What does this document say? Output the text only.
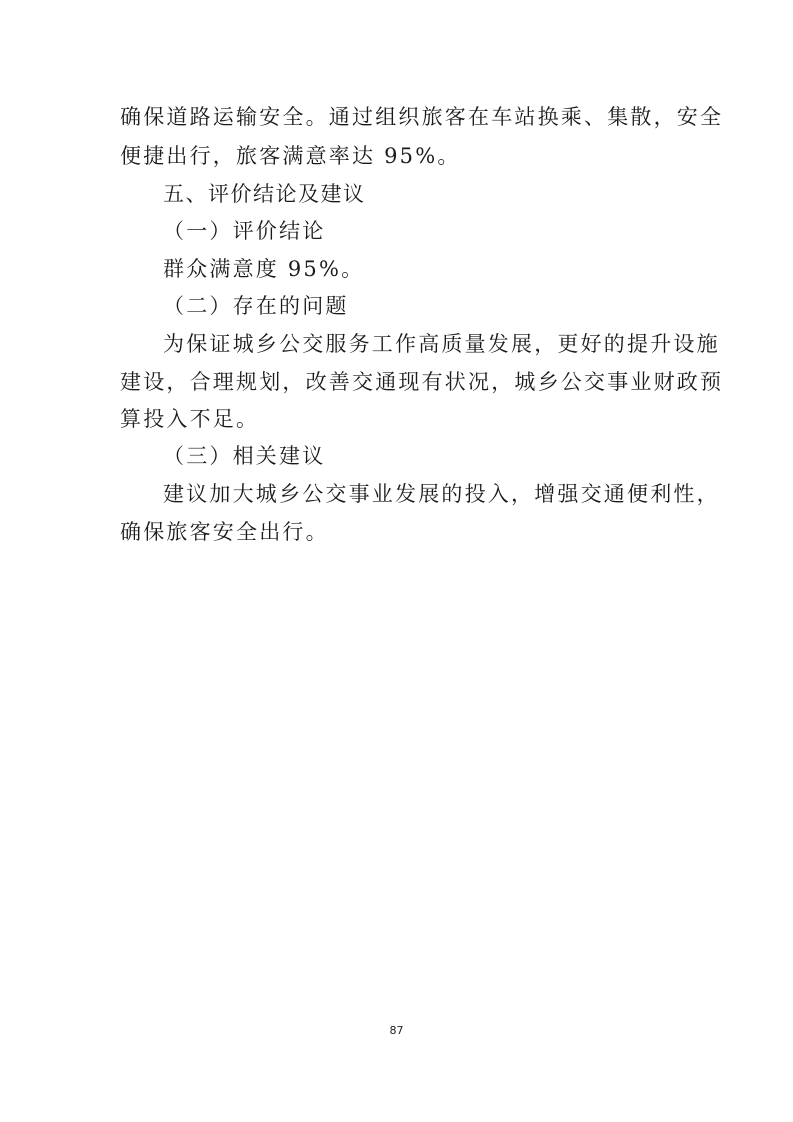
确保道路运输安全。通过组织旅客在车站换乘、集散，安全
便捷出行，旅客满意率达 95%。
五、评价结论及建议
（一）评价结论
群众满意度 95%。
（二）存在的问题
为保证城乡公交服务工作高质量发展，更好的提升设施
建设，合理规划，改善交通现有状况，城乡公交事业财政预
算投入不足。
（三）相关建议
建议加大城乡公交事业发展的投入，增强交通便利性，
确保旅客安全出行。
87
